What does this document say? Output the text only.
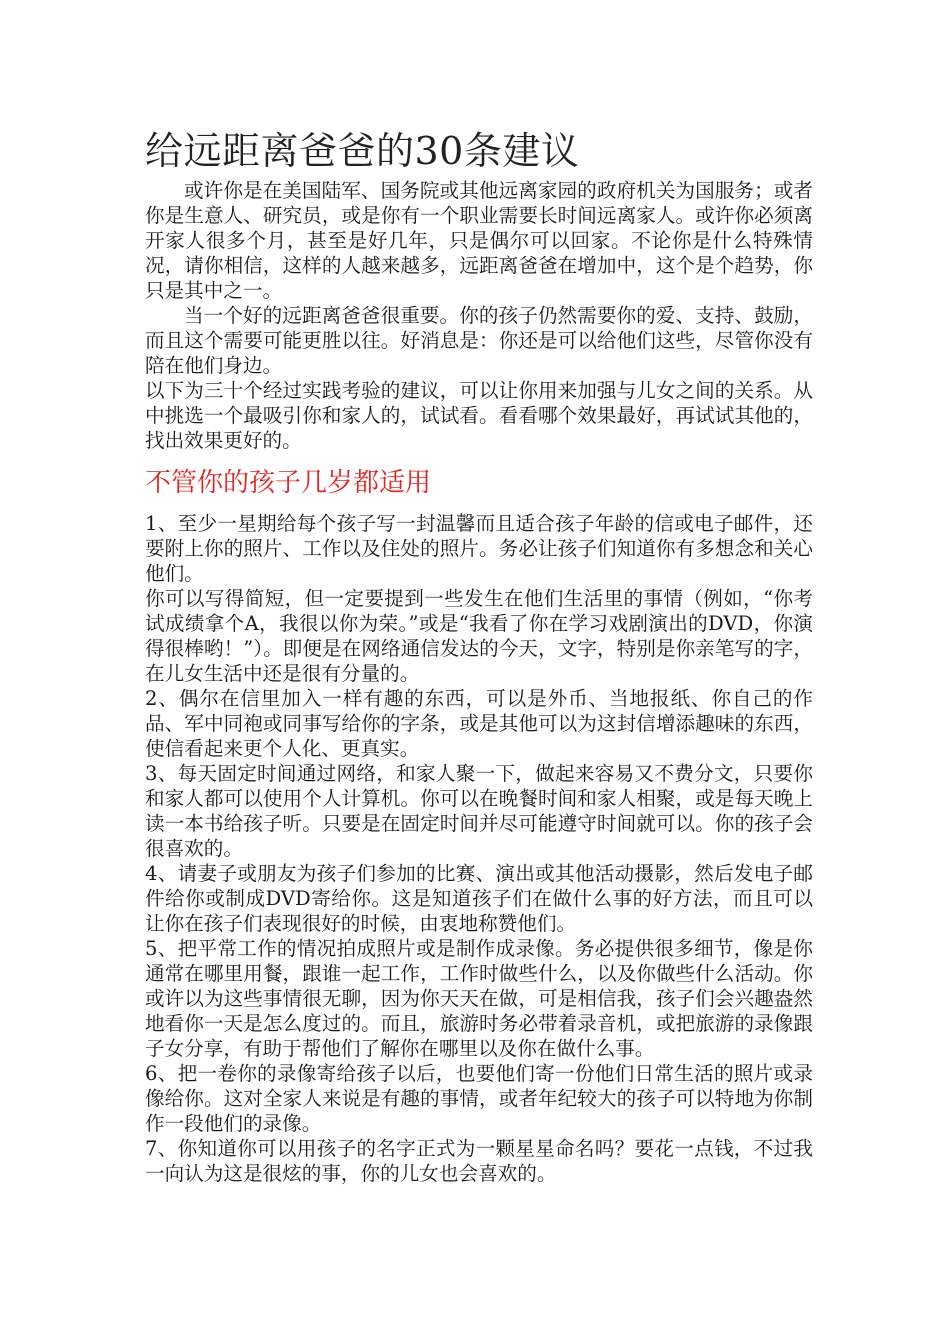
给远距离爸爸的30条建议

或许你是在美国陆军、国务院或其他远离家园的政府机关为国服务；或者你是生意人、研究员，或是你有一个职业需要长时间远离家人。或许你必须离开家人很多个月，甚至是好几年，只是偶尔可以回家。不论你是什么特殊情况，请你相信，这样的人越来越多，远距离爸爸在增加中，这个是个趋势，你只是其中之一。

当一个好的远距离爸爸很重要。你的孩子仍然需要你的爱、支持、鼓励，而且这个需要可能更胜以往。好消息是：你还是可以给他们这些，尽管你没有陪在他们身边。

以下为三十个经过实践考验的建议，可以让你用来加强与儿女之间的关系。从中挑选一个最吸引你和家人的，试试看。看看哪个效果最好，再试试其他的，找出效果更好的。

不管你的孩子几岁都适用

1、至少一星期给每个孩子写一封温馨而且适合孩子年龄的信或电子邮件，还要附上你的照片、工作以及住处的照片。务必让孩子们知道你有多想念和关心他们。

你可以写得简短，但一定要提到一些发生在他们生活里的事情（例如，“你考试成绩拿个A，我很以你为荣。”或是“我看了你在学习戏剧演出的DVD，你演得很棒哟！”）。即便是在网络通信发达的今天，文字，特别是你亲笔写的字，在儿女生活中还是很有分量的。

2、偶尔在信里加入一样有趣的东西，可以是外币、当地报纸、你自己的作品、军中同袍或同事写给你的字条，或是其他可以为这封信增添趣味的东西，使信看起来更个人化、更真实。

3、每天固定时间通过网络，和家人聚一下，做起来容易又不费分文，只要你和家人都可以使用个人计算机。你可以在晚餐时间和家人相聚，或是每天晚上读一本书给孩子听。只要是在固定时间并尽可能遵守时间就可以。你的孩子会很喜欢的。

4、请妻子或朋友为孩子们参加的比赛、演出或其他活动摄影，然后发电子邮件给你或制成DVD寄给你。这是知道孩子们在做什么事的好方法，而且可以让你在孩子们表现很好的时候，由衷地称赞他们。

5、把平常工作的情况拍成照片或是制作成录像。务必提供很多细节，像是你通常在哪里用餐，跟谁一起工作，工作时做些什么，以及你做些什么活动。你或许以为这些事情很无聊，因为你天天在做，可是相信我，孩子们会兴趣盎然地看你一天是怎么度过的。而且，旅游时务必带着录音机，或把旅游的录像跟子女分享，有助于帮他们了解你在哪里以及你在做什么事。

6、把一卷你的录像寄给孩子以后，也要他们寄一份他们日常生活的照片或录像给你。这对全家人来说是有趣的事情，或者年纪较大的孩子可以特地为你制作一段他们的录像。

7、你知道你可以用孩子的名字正式为一颗星星命名吗？要花一点钱，不过我一向认为这是很炫的事，你的儿女也会喜欢的。
